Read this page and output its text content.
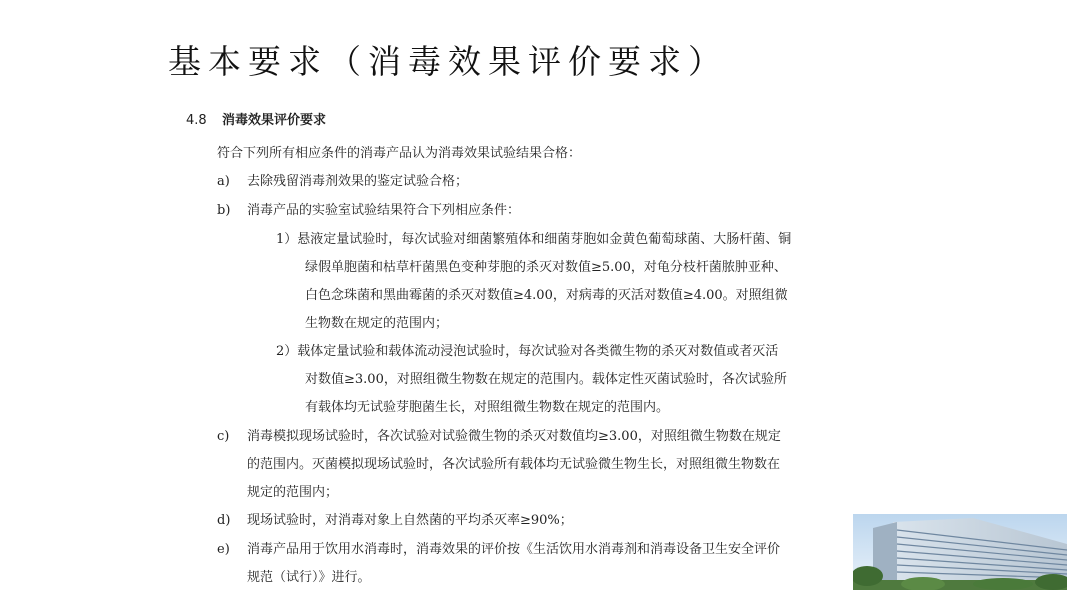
基本要求（消毒效果评价要求）
4.8 消毒效果评价要求
符合下列所有相应条件的消毒产品认为消毒效果试验结果合格：
a) 去除残留消毒剂效果的鉴定试验合格；
b) 消毒产品的实验室试验结果符合下列相应条件：
1）悬液定量试验时，每次试验对细菌繁殖体和细菌芽胞如金黄色葡萄球菌、大肠杆菌、铜
绿假单胞菌和枯草杆菌黑色变种芽胞的杀灭对数值≥5.00，对龟分枝杆菌脓肿亚种、
白色念珠菌和黑曲霉菌的杀灭对数值≥4.00，对病毒的灭活对数值≥4.00。对照组微
生物数在规定的范围内；
2）载体定量试验和载体流动浸泡试验时，每次试验对各类微生物的杀灭对数值或者灭活
对数值≥3.00，对照组微生物数在规定的范围内。载体定性灭菌试验时，各次试验所
有载体均无试验芽胞菌生长，对照组微生物数在规定的范围内。
c) 消毒模拟现场试验时，各次试验对试验微生物的杀灭对数值均≥3.00，对照组微生物数在规定
的范围内。灭菌模拟现场试验时，各次试验所有载体均无试验微生物生长，对照组微生物数在
规定的范围内；
d) 现场试验时，对消毒对象上自然菌的平均杀灭率≥90%；
e) 消毒产品用于饮用水消毒时，消毒效果的评价按《生活饮用水消毒剂和消毒设备卫生安全评价
规范（试行）》进行。
